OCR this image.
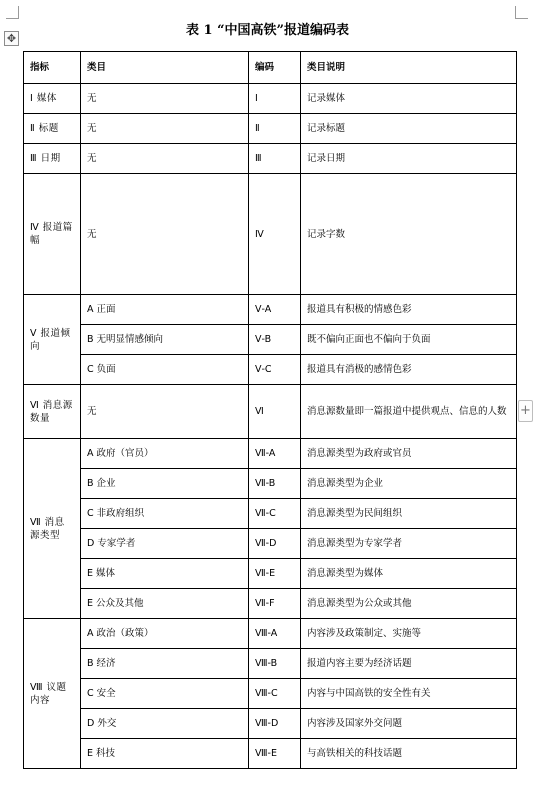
✥
+
表 1 “中国高铁”报道编码表
指标	类目	编码	类目说明
Ⅰ 媒体	无	Ⅰ	记录媒体
Ⅱ 标题	无	Ⅱ	记录标题
Ⅲ 日期	无	Ⅲ	记录日期
Ⅳ 报道篇幅	无	Ⅳ	记录字数
Ⅴ 报道倾向	A 正面	Ⅴ-A	报道具有积极的情感色彩
	B 无明显情感倾向	Ⅴ-B	既不偏向正面也不偏向于负面
	C 负面	Ⅴ-C	报道具有消极的感情色彩
Ⅵ 消息源数量	无	Ⅵ	消息源数量即一篇报道中提供观点、信息的人数
Ⅶ 消息源类型	A 政府（官员）	Ⅶ-A	消息源类型为政府或官员
	B 企业	Ⅶ-B	消息源类型为企业
	C 非政府组织	Ⅶ-C	消息源类型为民间组织
	D 专家学者	Ⅶ-D	消息源类型为专家学者
	E 媒体	Ⅶ-E	消息源类型为媒体
	E 公众及其他	Ⅶ-F	消息源类型为公众或其他
Ⅷ 议题内容	A 政治（政策）	Ⅷ-A	内容涉及政策制定、实施等
	B 经济	Ⅷ-B	报道内容主要为经济话题
	C 安全	Ⅷ-C	内容与中国高铁的安全性有关
	D 外交	Ⅷ-D	内容涉及国家外交问题
	E 科技	Ⅷ-E	与高铁相关的科技话题
